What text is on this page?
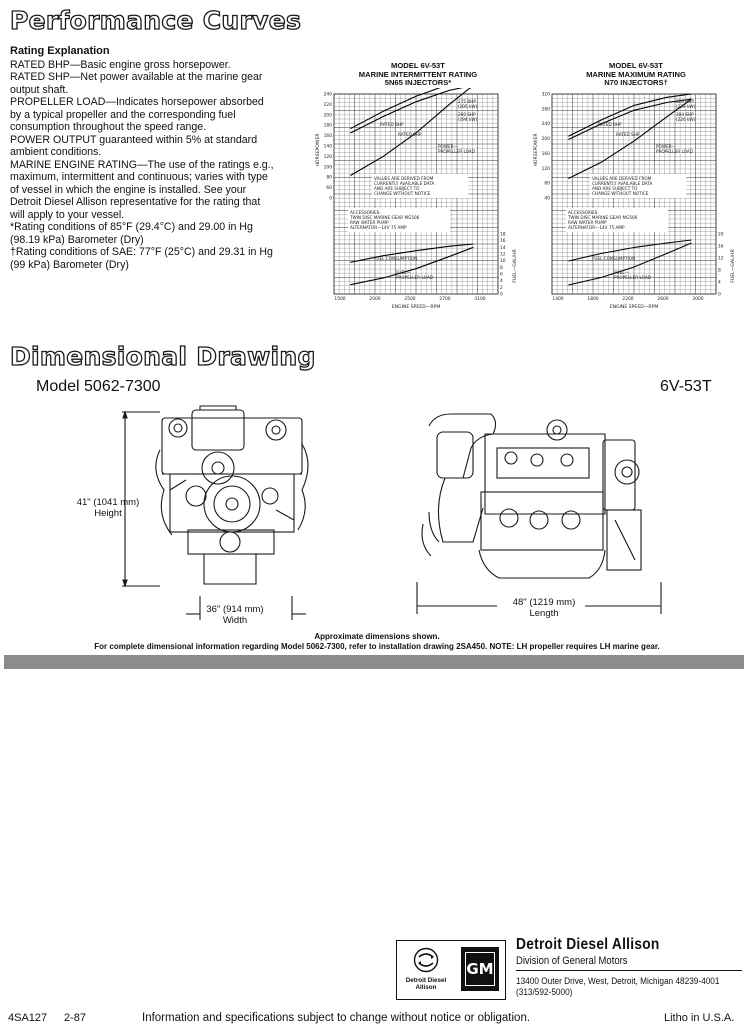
Performance Curves
Rating Explanation

RATED BHP—Basic engine gross horsepower.

RATED SHP—Net power available at the marine gear output shaft.

PROPELLER LOAD—Indicates horsepower absorbed by a typical propeller and the corresponding fuel consumption throughout the speed range.

POWER OUTPUT guaranteed within 5% at standard ambient conditions.

MARINE ENGINE RATING—The use of the ratings e.g., maximum, intermittent and continuous; varies with type of vessel in which the engine is installed. See your Detroit Diesel Allison representative for the rating that will apply to your vessel.

*Rating conditions of 85°F (29.4°C) and 29.00 in Hg (98.19 kPa) Barometer (Dry)

†Rating conditions of SAE: 77°F (25°C) and 29.31 in Hg (99 kPa) Barometer (Dry)

MODEL 6V-53T
MARINE INTERMITTENT RATING
5N65 INJECTORS*
240
220
200
180
160
140
120
100
80
60
0
18
16
14
12
10
8
6
4
2
0
1500	2000	2500	2700	3100
ENGINE SPEED—RPM
HORSEPOWER
FUEL—GAL/HR
275 BHP
(205 kW)
260 SHP
(194 kW)
RATED BHP
RATED SHP
POWER—
PROPELLER LOAD
FUEL CONSUMPTION
FUEL—
PROPELLER LOAD
VALUES ARE DERIVED FROM
CURRENTLY AVAILABLE DATA
AND ARE SUBJECT TO
CHANGE WITHOUT NOTICE
ACCESSORIES:
TWIN DISC MARINE GEAR MG506
RAW WATER PUMP
ALTERNATOR—14V 75 AMP
MODEL 6V-53T
MARINE MAXIMUM RATING
N70 INJECTORS†
320
280
240
200
160
120
80
40
20
16
12
8
4
0
1400	1800	2200	2600	3000
ENGINE SPEED—RPM
HORSEPOWER
FUEL—GAL/HR
320 BHP
(239 kW)
304 SHP
(226 kW)
RATED BHP
RATED SHP
POWER—
PROPELLER LOAD
FUEL CONSUMPTION
FUEL—
PROPELLER LOAD
VALUES ARE DERIVED FROM
CURRENTLY AVAILABLE DATA
AND ARE SUBJECT TO
CHANGE WITHOUT NOTICE
ACCESSORIES:
TWIN DISC MARINE GEAR MG506
RAW WATER PUMP
ALTERNATOR—14V 75 AMP
Dimensional Drawing
Model 5062-7300	6V-53T
41" (1041 mm)
Height
36" (914 mm)
Width
48" (1219 mm)
Length
Approximate dimensions shown.
For complete dimensional information regarding Model 5062-7300, refer to installation drawing 2SA450. NOTE: LH propeller requires LH marine gear.
Detroit Diesel
Allison
GM
Detroit Diesel Allison
Division of General Motors
13400 Outer Drive, West, Detroit, Michigan 48239-4001
(313/592-5000)
4SA127 2-87	Information and specifications subject to change without notice or obligation.	Litho in U.S.A.
